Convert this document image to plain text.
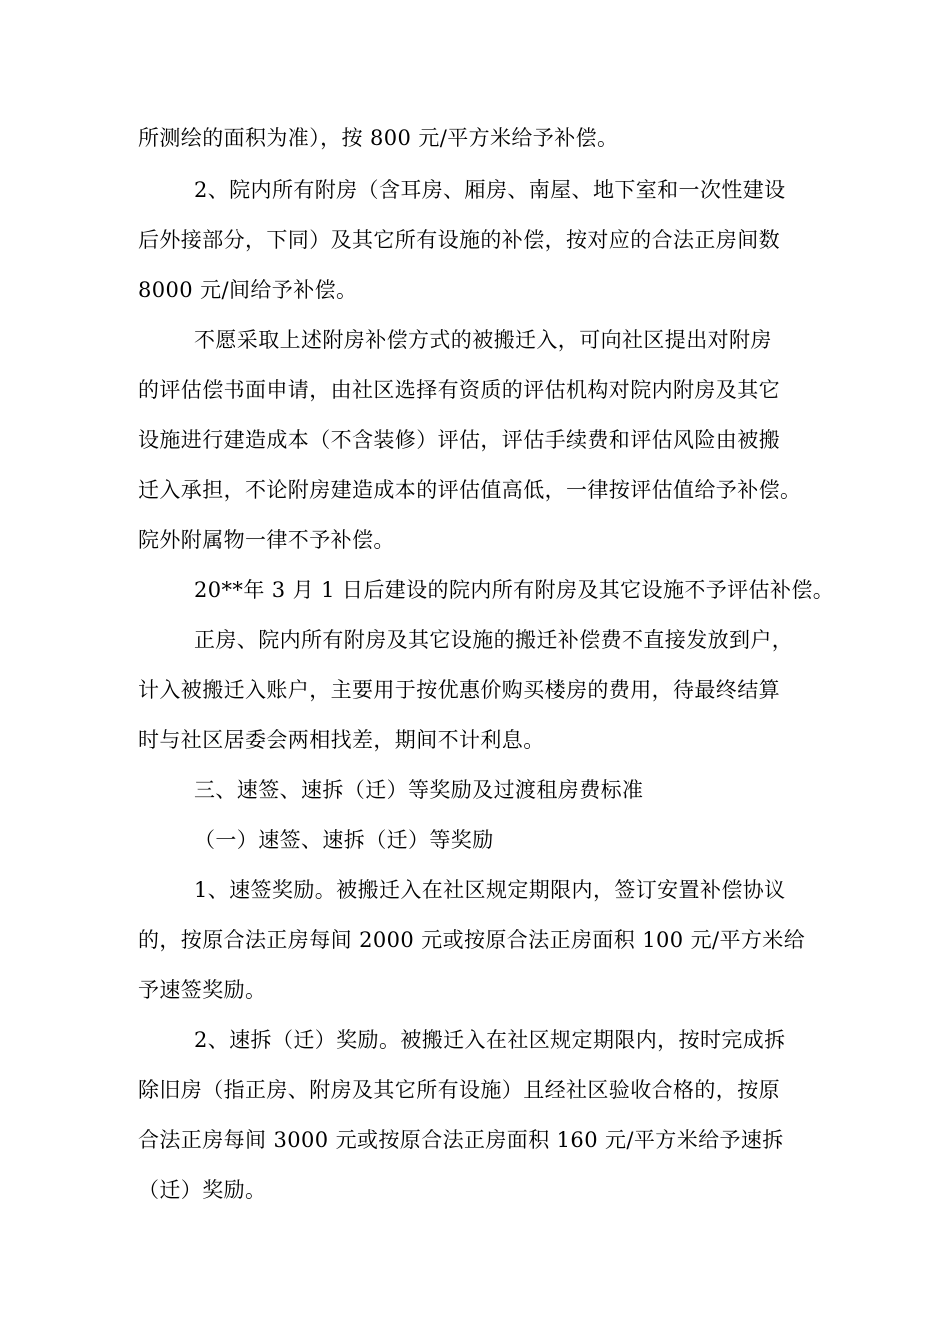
所测绘的面积为准），按 800 元/平方米给予补偿。
2、院内所有附房（含耳房、厢房、南屋、地下室和一次性建设
后外接部分，下同）及其它所有设施的补偿，按对应的合法正房间数
8000 元/间给予补偿。
不愿采取上述附房补偿方式的被搬迁入，可向社区提出对附房
的评估偿书面申请，由社区选择有资质的评估机构对院内附房及其它
设施进行建造成本（不含装修）评估，评估手续费和评估风险由被搬
迁入承担，不论附房建造成本的评估值高低，一律按评估值给予补偿。
院外附属物一律不予补偿。
20**年 3 月 1 日后建设的院内所有附房及其它设施不予评估补偿。
正房、院内所有附房及其它设施的搬迁补偿费不直接发放到户，
计入被搬迁入账户，主要用于按优惠价购买楼房的费用，待最终结算
时与社区居委会两相找差，期间不计利息。
三、速签、速拆（迁）等奖励及过渡租房费标准
（一）速签、速拆（迁）等奖励
1、速签奖励。被搬迁入在社区规定期限内，签订安置补偿协议
的，按原合法正房每间 2000 元或按原合法正房面积 100 元/平方米给
予速签奖励。
2、速拆（迁）奖励。被搬迁入在社区规定期限内，按时完成拆
除旧房（指正房、附房及其它所有设施）且经社区验收合格的，按原
合法正房每间 3000 元或按原合法正房面积 160 元/平方米给予速拆
（迁）奖励。
